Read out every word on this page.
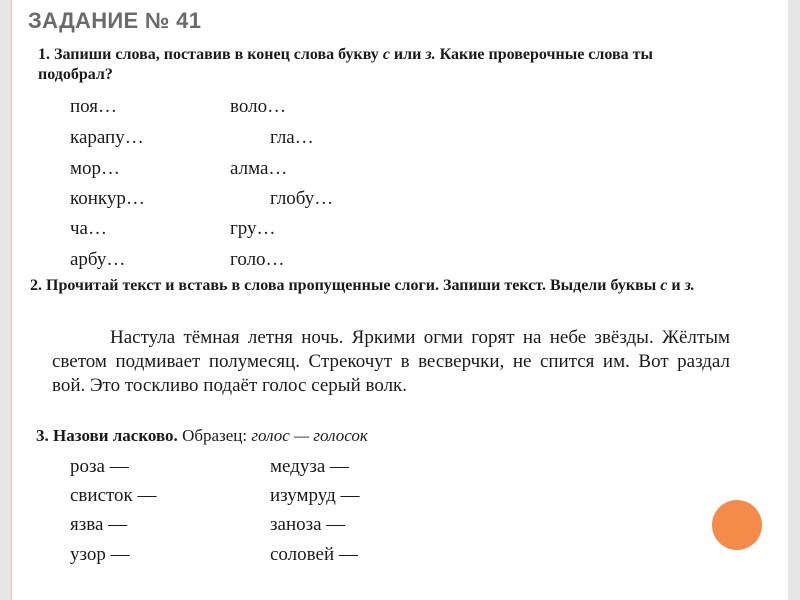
ЗАДАНИЕ № 41
1. Запиши слова, поставив в конец слова букву с или з. Какие проверочные слова ты подобрал?
поя…
карапу…
мор…
конкур…
ча…
арбу…
воло…
гла…
алма…
глобу…
гру…
голо…
2. Прочитай текст и вставь в слова пропущенные слоги. Запиши текст. Выдели буквы с и з.
Настула тёмная летня ночь. Яркими огми горят на небе звёзды. Жёлтым светом подмивает полумесяц. Стрекочут в весверчки, не спится им. Вот раздал вой. Это тоскливо подаёт голос серый волк.
3. Назови ласково. Образец: голос — голосок
роза —
свисток —
язва —
узор —
медуза —
изумруд —
заноза —
соловей —
